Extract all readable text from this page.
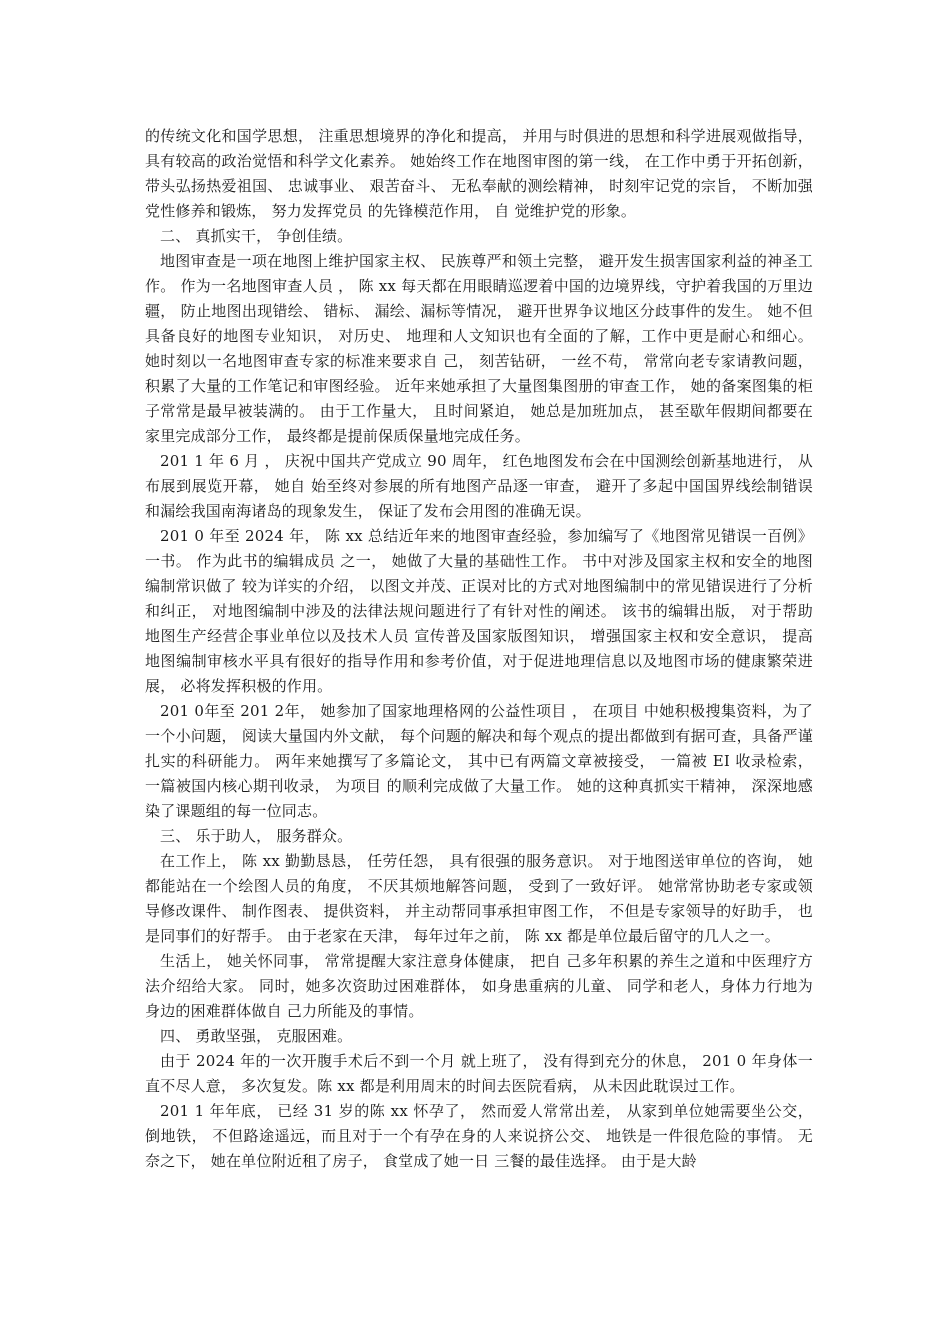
的传统文化和国学思想， 注重思想境界的净化和提高， 并用与时俱进的思想和科学进展观做指导， 具有较高的政治觉悟和科学文化素养。 她始终工作在地图审图的第一线， 在工作中勇于开拓创新， 带头弘扬热爱祖国、 忠诚事业、 艰苦奋斗、 无私奉献的测绘精神， 时刻牢记党的宗旨， 不断加强党性修养和锻炼， 努力发挥党员 的先锋模范作用， 自 觉维护党的形象。

二、 真抓实干， 争创佳绩。

地图审查是一项在地图上维护国家主权、 民族尊严和领土完整， 避开发生损害国家利益的神圣工作。 作为一名地图审查人员 ， 陈 xx 每天都在用眼睛巡逻着中国的边境界线，守护着我国的万里边疆， 防止地图出现错绘、 错标、 漏绘、漏标等情况， 避开世界争议地区分歧事件的发生。 她不但具备良好的地图专业知识， 对历史、 地理和人文知识也有全面的了解，工作中更是耐心和细心。 她时刻以一名地图审查专家的标准来要求自 己， 刻苦钻研， 一丝不苟， 常常向老专家请教问题， 积累了大量的工作笔记和审图经验。 近年来她承担了大量图集图册的审查工作， 她的备案图集的柜子常常是最早被装满的。 由于工作量大， 且时间紧迫， 她总是加班加点， 甚至歇年假期间都要在家里完成部分工作， 最终都是提前保质保量地完成任务。

201 1 年 6 月 ， 庆祝中国共产党成立 90 周年， 红色地图发布会在中国测绘创新基地进行， 从布展到展览开幕， 她自 始至终对参展的所有地图产品逐一审查， 避开了多起中国国界线绘制错误和漏绘我国南海诸岛的现象发生， 保证了发布会用图的准确无误。

201 0 年至 2024 年， 陈 xx 总结近年来的地图审查经验，参加编写了《地图常见错误一百例》 一书。 作为此书的编辑成员 之一， 她做了大量的基础性工作。 书中对涉及国家主权和安全的地图编制常识做了 较为详实的介绍， 以图文并茂、正误对比的方式对地图编制中的常见错误进行了分析和纠正， 对地图编制中涉及的法律法规问题进行了有针对性的阐述。 该书的编辑出版， 对于帮助地图生产经营企事业单位以及技术人员 宣传普及国家版图知识， 增强国家主权和安全意识， 提高地图编制审核水平具有很好的指导作用和参考价值，对于促进地理信息以及地图市场的健康繁荣进展， 必将发挥积极的作用。

201 0年至 201 2年， 她参加了国家地理格网的公益性项目 ， 在项目 中她积极搜集资料，为了一个小问题， 阅读大量国内外文献， 每个问题的解决和每个观点的提出都做到有据可查，具备严谨扎实的科研能力。 两年来她撰写了多篇论文， 其中已有两篇文章被接受， 一篇被 EI 收录检索， 一篇被国内核心期刊收录， 为项目 的顺利完成做了大量工作。 她的这种真抓实干精神， 深深地感染了课题组的每一位同志。

三、 乐于助人， 服务群众。

在工作上， 陈 xx 勤勤恳恳， 任劳任怨， 具有很强的服务意识。 对于地图送审单位的咨询， 她都能站在一个绘图人员的角度， 不厌其烦地解答问题， 受到了一致好评。 她常常协助老专家或领导修改课件、 制作图表、 提供资料， 并主动帮同事承担审图工作， 不但是专家领导的好助手， 也是同事们的好帮手。 由于老家在天津， 每年过年之前， 陈 xx 都是单位最后留守的几人之一。

生活上， 她关怀同事， 常常提醒大家注意身体健康， 把自 己多年积累的养生之道和中医理疗方法介绍给大家。 同时，她多次资助过困难群体， 如身患重病的儿童、 同学和老人，身体力行地为身边的困难群体做自 己力所能及的事情。

四、 勇敢坚强， 克服困难。

由于 2024 年的一次开腹手术后不到一个月 就上班了， 没有得到充分的休息， 201 0 年身体一直不尽人意， 多次复发。陈 xx 都是利用周末的时间去医院看病， 从未因此耽误过工作。

201 1 年年底， 已经 31 岁的陈 xx 怀孕了， 然而爱人常常出差， 从家到单位她需要坐公交， 倒地铁， 不但路途遥远，而且对于一个有孕在身的人来说挤公交、 地铁是一件很危险的事情。 无奈之下， 她在单位附近租了房子， 食堂成了她一日 三餐的最佳选择。 由于是大龄
